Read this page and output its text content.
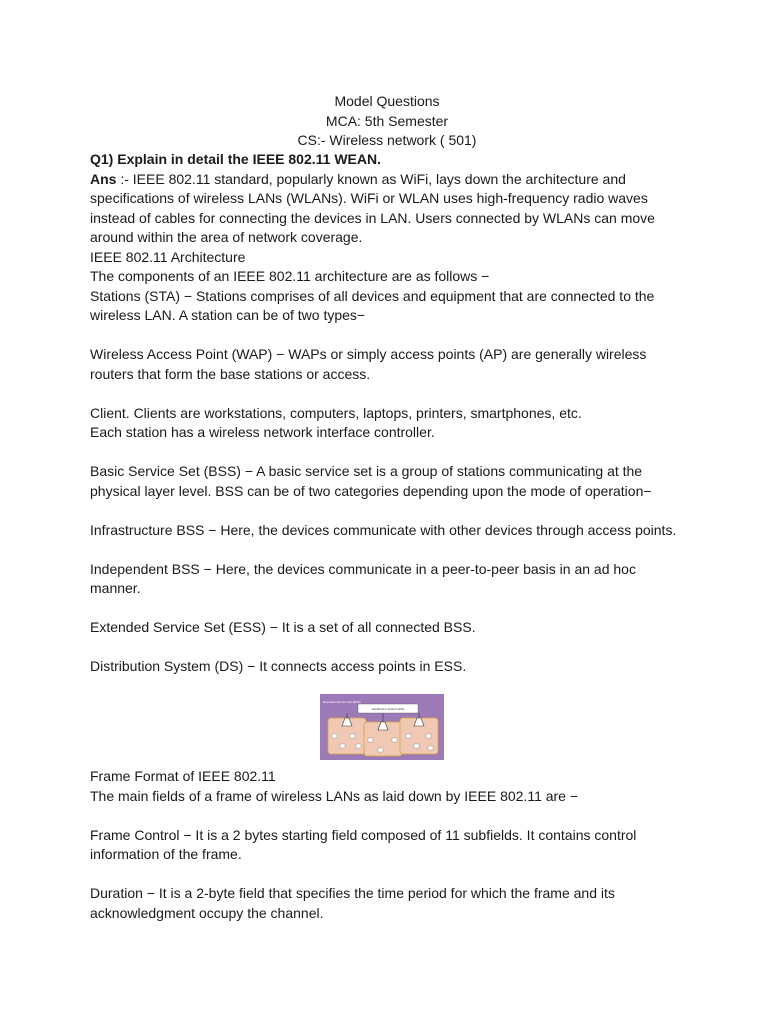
Model Questions
MCA: 5th Semester
CS:- Wireless network ( 501)

Q1) Explain in detail the IEEE 802.11 WEAN.

Ans :- IEEE 802.11 standard, popularly known as WiFi, lays down the architecture and specifications of wireless LANs (WLANs). WiFi or WLAN uses high-frequency radio waves instead of cables for connecting the devices in LAN. Users connected by WLANs can move around within the area of network coverage.

IEEE 802.11 Architecture

The components of an IEEE 802.11 architecture are as follows −

Stations (STA) − Stations comprises of all devices and equipment that are connected to the wireless LAN. A station can be of two types−

Wireless Access Point (WAP) − WAPs or simply access points (AP) are generally wireless routers that form the base stations or access.

Client. Clients are workstations, computers, laptops, printers, smartphones, etc.

Each station has a wireless network interface controller.

Basic Service Set (BSS) − A basic service set is a group of stations communicating at the physical layer level. BSS can be of two categories depending upon the mode of operation−

Infrastructure BSS − Here, the devices communicate with other devices through access points.

Independent BSS − Here, the devices communicate in a peer-to-peer basis in an ad hoc manner.

Extended Service Set (ESS) − It is a set of all connected BSS.

Distribution System (DS) − It connects access points in ESS.

Extended Service Set (ESS)
Distribution System (DS)

Frame Format of IEEE 802.11

The main fields of a frame of wireless LANs as laid down by IEEE 802.11 are −

Frame Control − It is a 2 bytes starting field composed of 11 subfields. It contains control information of the frame.

Duration − It is a 2-byte field that specifies the time period for which the frame and its acknowledgment occupy the channel.
